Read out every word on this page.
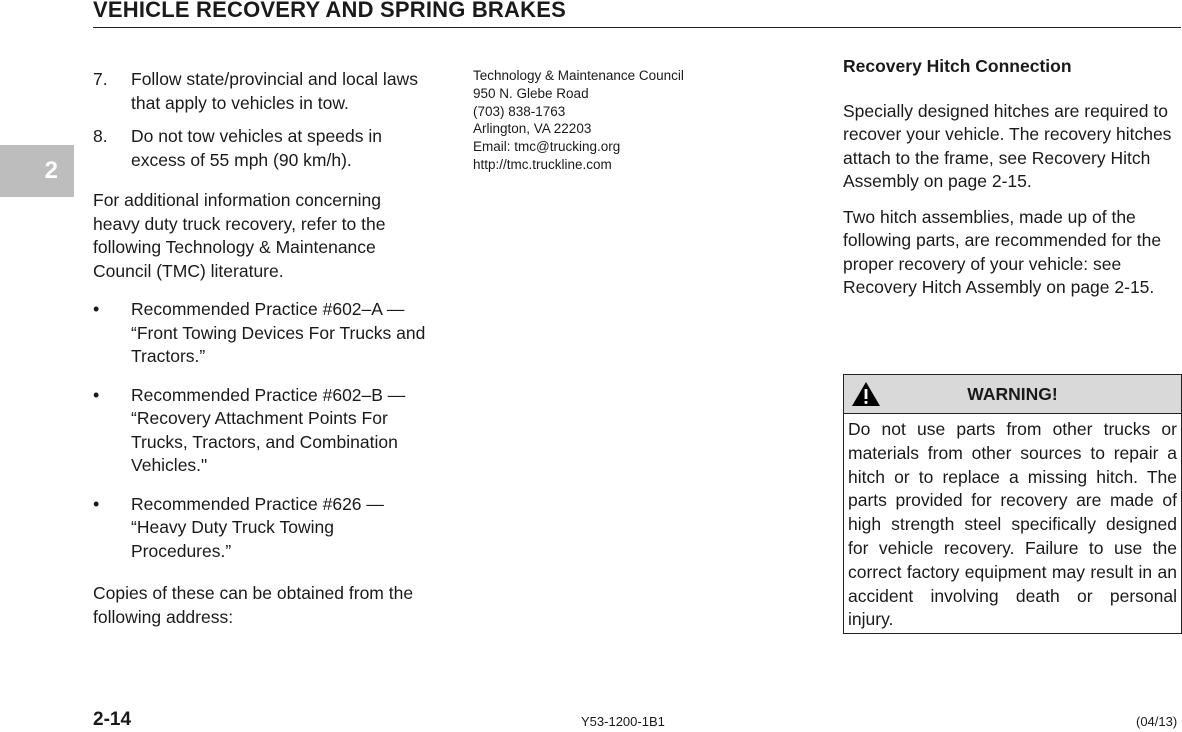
VEHICLE RECOVERY AND SPRING BRAKES
2
7. Follow state/provincial and local laws that apply to vehicles in tow.
8. Do not tow vehicles at speeds in excess of 55 mph (90 km/h).

For additional information concerning heavy duty truck recovery, refer to the following Technology & Maintenance Council (TMC) literature.

• Recommended Practice #602–A — “Front Towing Devices For Trucks and Tractors.”
• Recommended Practice #602–B — “Recovery Attachment Points For Trucks, Tractors, and Combination Vehicles."
• Recommended Practice #626 — “Heavy Duty Truck Towing Procedures.”

Copies of these can be obtained from the following address:

Technology & Maintenance Council
950 N. Glebe Road
(703) 838-1763
Arlington, VA 22203
Email: tmc@trucking.org
http://tmc.truckline.com

Recovery Hitch Connection

Specially designed hitches are required to recover your vehicle. The recovery hitches attach to the frame, see Recovery Hitch Assembly on page 2-15.

Two hitch assemblies, made up of the following parts, are recommended for the proper recovery of your vehicle: see Recovery Hitch Assembly on page 2-15.

WARNING!
Do not use parts from other trucks or materials from other sources to repair a hitch or to replace a missing hitch. The parts provided for recovery are made of high strength steel specifically designed for vehicle recovery. Failure to use the correct factory equipment may result in an accident involving death or personal injury.
2-14	Y53-1200-1B1	(04/13)
